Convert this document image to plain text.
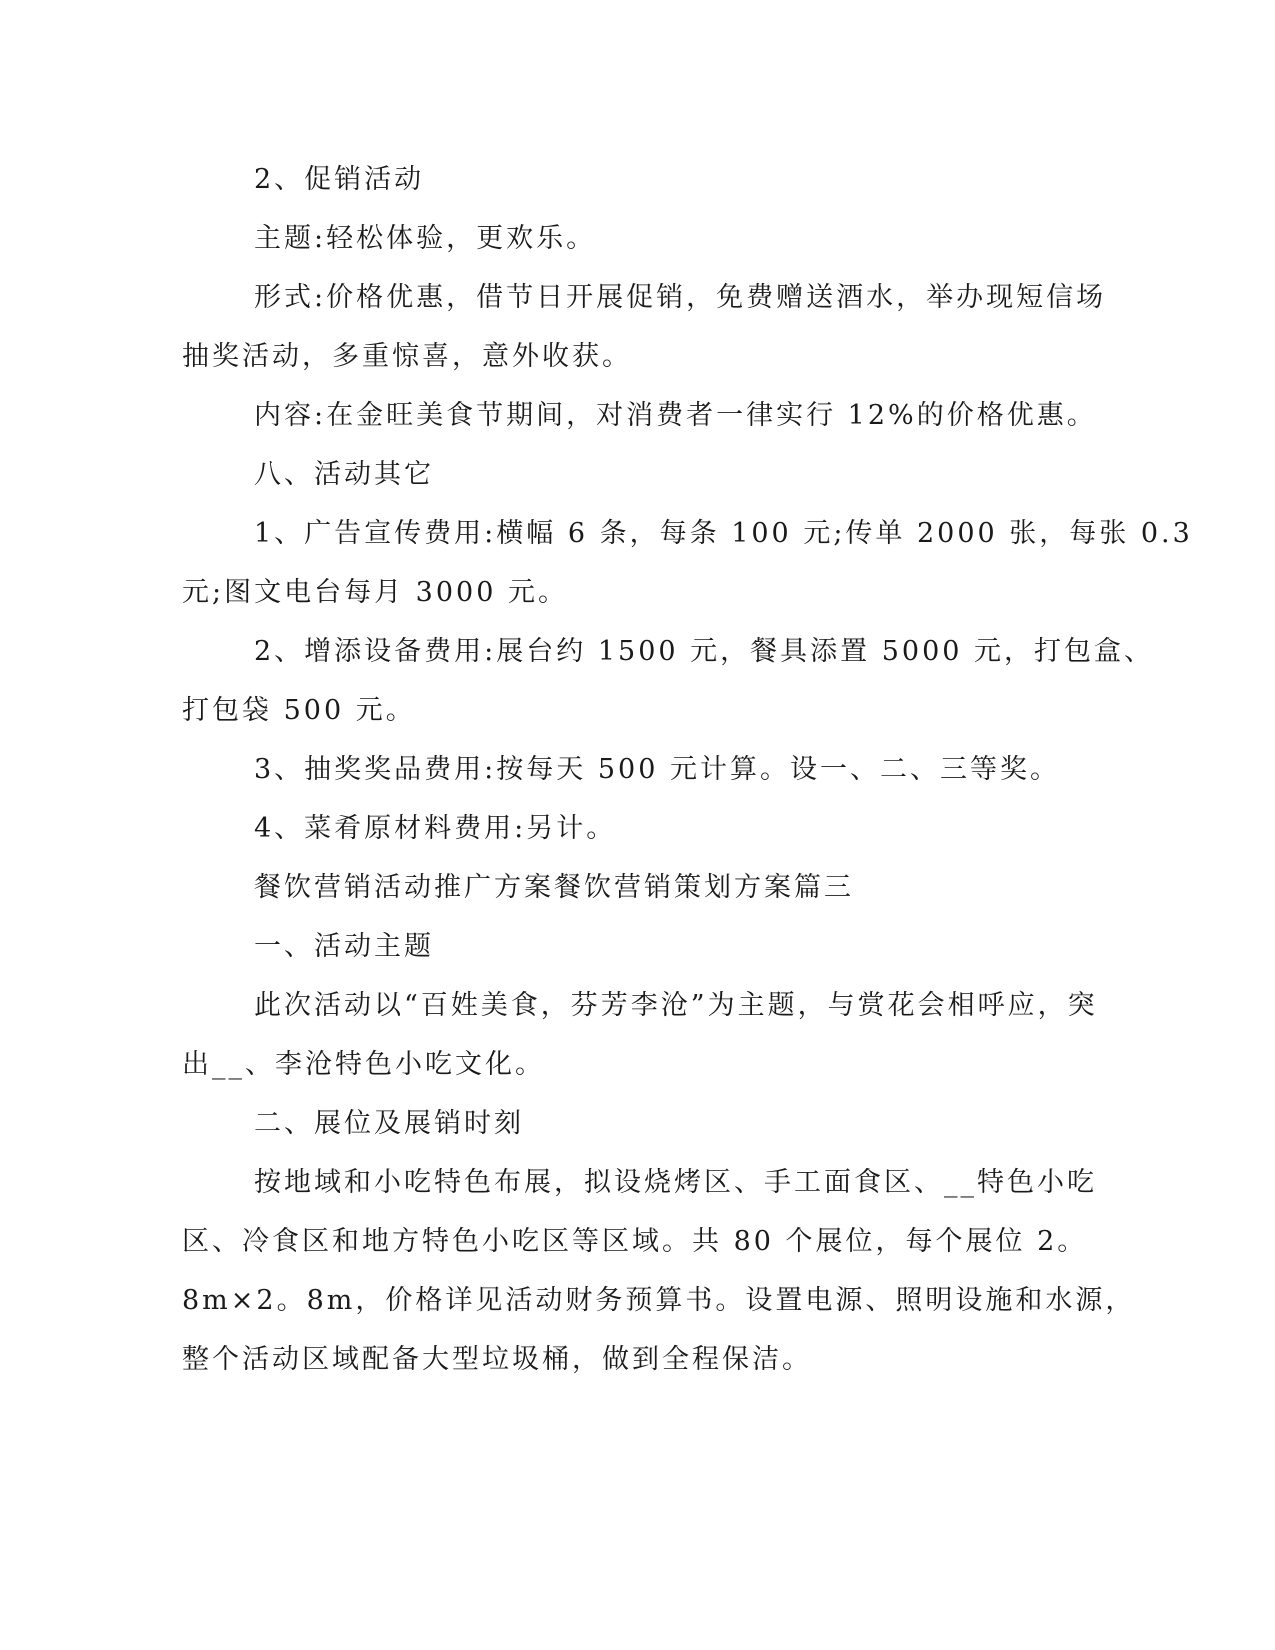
2、促销活动
主题:轻松体验，更欢乐。
形式:价格优惠，借节日开展促销，免费赠送酒水，举办现短信场
抽奖活动，多重惊喜，意外收获。
内容:在金旺美食节期间，对消费者一律实行 12%的价格优惠。
八、活动其它
1、广告宣传费用:横幅 6 条，每条 100 元;传单 2000 张，每张 0.3
元;图文电台每月 3000 元。
2、增添设备费用:展台约 1500 元，餐具添置 5000 元，打包盒、
打包袋 500 元。
3、抽奖奖品费用:按每天 500 元计算。设一、二、三等奖。
4、菜肴原材料费用:另计。
餐饮营销活动推广方案餐饮营销策划方案篇三
一、活动主题
此次活动以“百姓美食，芬芳李沧”为主题，与赏花会相呼应，突
出__、李沧特色小吃文化。
二、展位及展销时刻
按地域和小吃特色布展，拟设烧烤区、手工面食区、__特色小吃
区、冷食区和地方特色小吃区等区域。共 80 个展位，每个展位 2。
8m×2。8m，价格详见活动财务预算书。设置电源、照明设施和水源，
整个活动区域配备大型垃圾桶，做到全程保洁。
